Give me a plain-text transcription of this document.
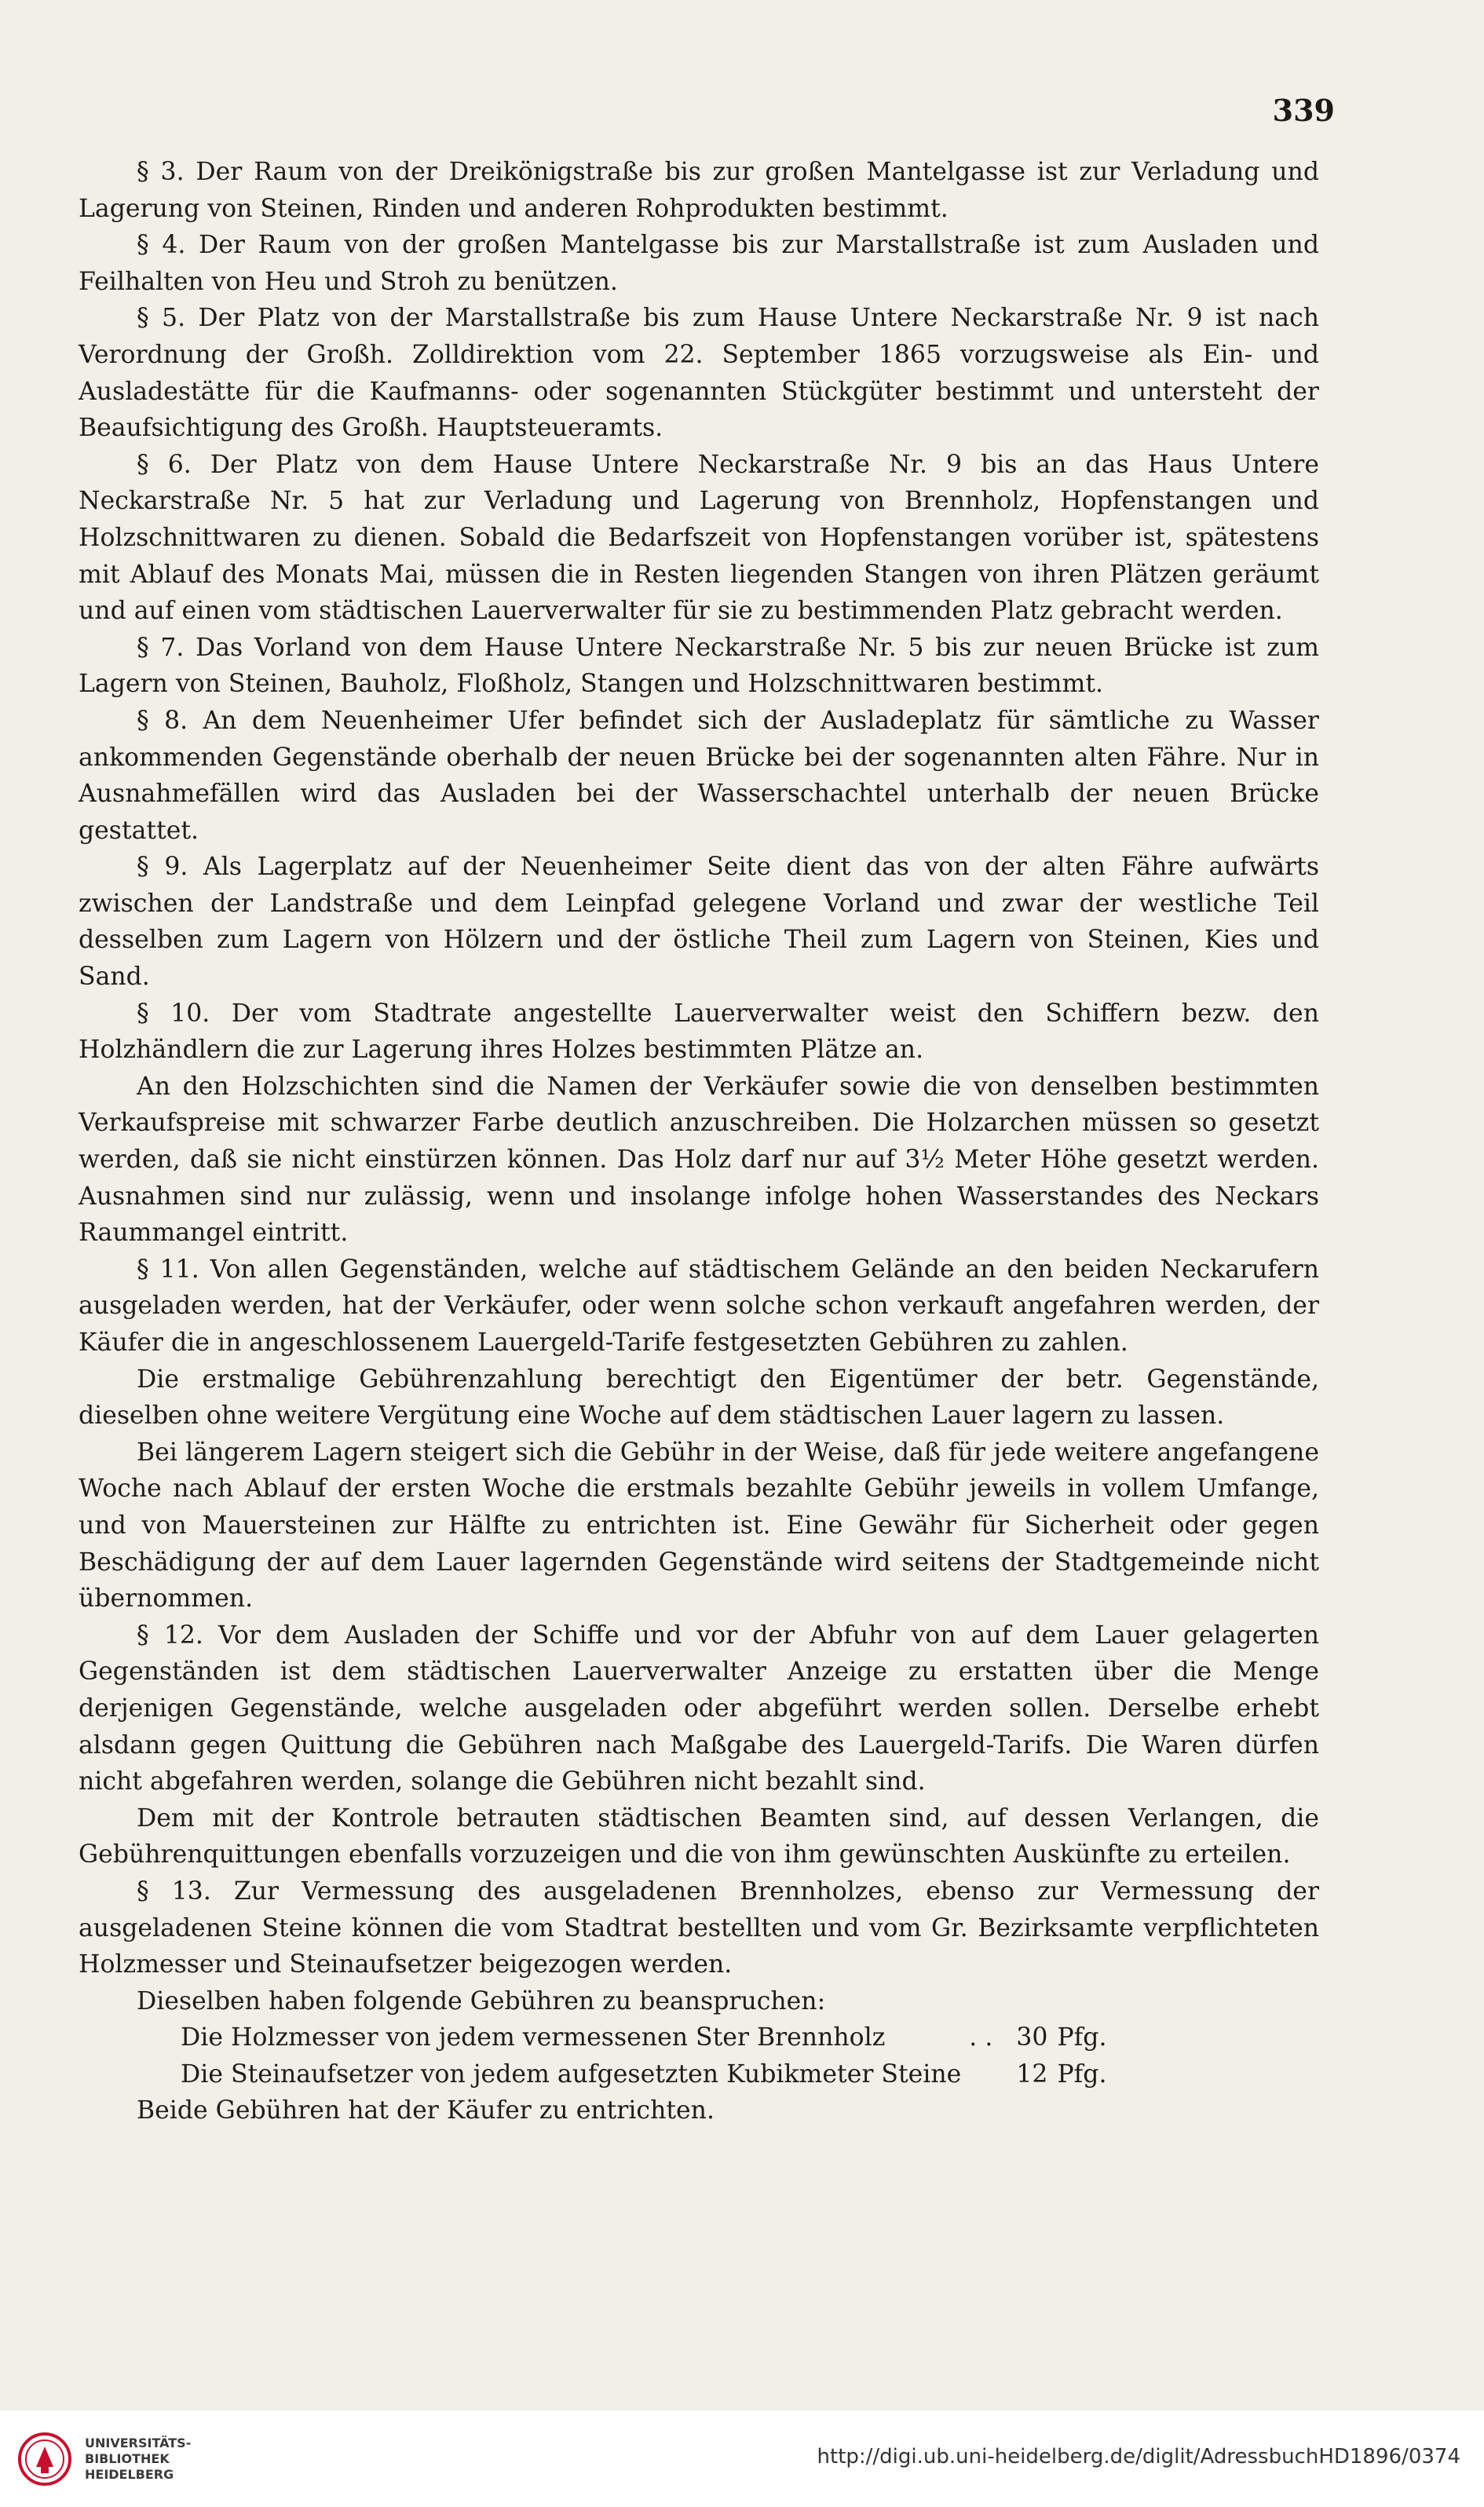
339

§ 3. Der Raum von der Dreikönigstraße bis zur großen Mantelgasse ist zur Verladung und Lagerung von Steinen, Rinden und anderen Rohprodukten bestimmt.

§ 4. Der Raum von der großen Mantelgasse bis zur Marstallstraße ist zum Ausladen und Feilhalten von Heu und Stroh zu benützen.

§ 5. Der Platz von der Marstallstraße bis zum Hause Untere Neckarstraße Nr. 9 ist nach Verordnung der Großh. Zolldirektion vom 22. September 1865 vorzugsweise als Ein- und Ausladestätte für die Kaufmanns- oder sogenannten Stückgüter bestimmt und untersteht der Beaufsichtigung des Großh. Hauptsteueramts.

§ 6. Der Platz von dem Hause Untere Neckarstraße Nr. 9 bis an das Haus Untere Neckarstraße Nr. 5 hat zur Verladung und Lagerung von Brennholz, Hopfenstangen und Holzschnittwaren zu dienen. Sobald die Bedarfszeit von Hopfenstangen vorüber ist, spätestens mit Ablauf des Monats Mai, müssen die in Resten liegenden Stangen von ihren Plätzen geräumt und auf einen vom städtischen Lauerverwalter für sie zu bestimmenden Platz gebracht werden.

§ 7. Das Vorland von dem Hause Untere Neckarstraße Nr. 5 bis zur neuen Brücke ist zum Lagern von Steinen, Bauholz, Floßholz, Stangen und Holzschnittwaren bestimmt.

§ 8. An dem Neuenheimer Ufer befindet sich der Ausladeplatz für sämtliche zu Wasser ankommenden Gegenstände oberhalb der neuen Brücke bei der sogenannten alten Fähre. Nur in Ausnahmefällen wird das Ausladen bei der Wasserschachtel unterhalb der neuen Brücke gestattet.

§ 9. Als Lagerplatz auf der Neuenheimer Seite dient das von der alten Fähre aufwärts zwischen der Landstraße und dem Leinpfad gelegene Vorland und zwar der westliche Teil desselben zum Lagern von Hölzern und der östliche Theil zum Lagern von Steinen, Kies und Sand.

§ 10. Der vom Stadtrate angestellte Lauerverwalter weist den Schiffern bezw. den Holzhändlern die zur Lagerung ihres Holzes bestimmten Plätze an.

An den Holzschichten sind die Namen der Verkäufer sowie die von denselben bestimmten Verkaufspreise mit schwarzer Farbe deutlich anzuschreiben. Die Holzarchen müssen so gesetzt werden, daß sie nicht einstürzen können. Das Holz darf nur auf 3½ Meter Höhe gesetzt werden. Ausnahmen sind nur zulässig, wenn und insolange infolge hohen Wasserstandes des Neckars Raummangel eintritt.

§ 11. Von allen Gegenständen, welche auf städtischem Gelände an den beiden Neckarufern ausgeladen werden, hat der Verkäufer, oder wenn solche schon verkauft angefahren werden, der Käufer die in angeschlossenem Lauergeld-Tarife festgesetzten Gebühren zu zahlen.

Die erstmalige Gebührenzahlung berechtigt den Eigentümer der betr. Gegenstände, dieselben ohne weitere Vergütung eine Woche auf dem städtischen Lauer lagern zu lassen.

Bei längerem Lagern steigert sich die Gebühr in der Weise, daß für jede weitere angefangene Woche nach Ablauf der ersten Woche die erstmals bezahlte Gebühr jeweils in vollem Umfange, und von Mauersteinen zur Hälfte zu entrichten ist. Eine Gewähr für Sicherheit oder gegen Beschädigung der auf dem Lauer lagernden Gegenstände wird seitens der Stadtgemeinde nicht übernommen.

§ 12. Vor dem Ausladen der Schiffe und vor der Abfuhr von auf dem Lauer gelagerten Gegenständen ist dem städtischen Lauerverwalter Anzeige zu erstatten über die Menge derjenigen Gegenstände, welche ausgeladen oder abgeführt werden sollen. Derselbe erhebt alsdann gegen Quittung die Gebühren nach Maßgabe des Lauergeld-Tarifs. Die Waren dürfen nicht abgefahren werden, solange die Gebühren nicht bezahlt sind.

Dem mit der Kontrole betrauten städtischen Beamten sind, auf dessen Verlangen, die Gebührenquittungen ebenfalls vorzuzeigen und die von ihm gewünschten Auskünfte zu erteilen.

§ 13. Zur Vermessung des ausgeladenen Brennholzes, ebenso zur Vermessung der ausgeladenen Steine können die vom Stadtrat bestellten und vom Gr. Bezirksamte verpflichteten Holzmesser und Steinaufsetzer beigezogen werden.

Dieselben haben folgende Gebühren zu beanspruchen:

Die Holzmesser von jedem vermessenen Ster Brennholz	. .	30	Pfg.
Die Steinaufsetzer von jedem aufgesetzten Kubikmeter Steine		12	Pfg.

Beide Gebühren hat der Käufer zu entrichten.

UNIVERSITÄTS-
BIBLIOTHEK
HEIDELBERG
http://digi.ub.uni-heidelberg.de/diglit/AdressbuchHD1896/0374
